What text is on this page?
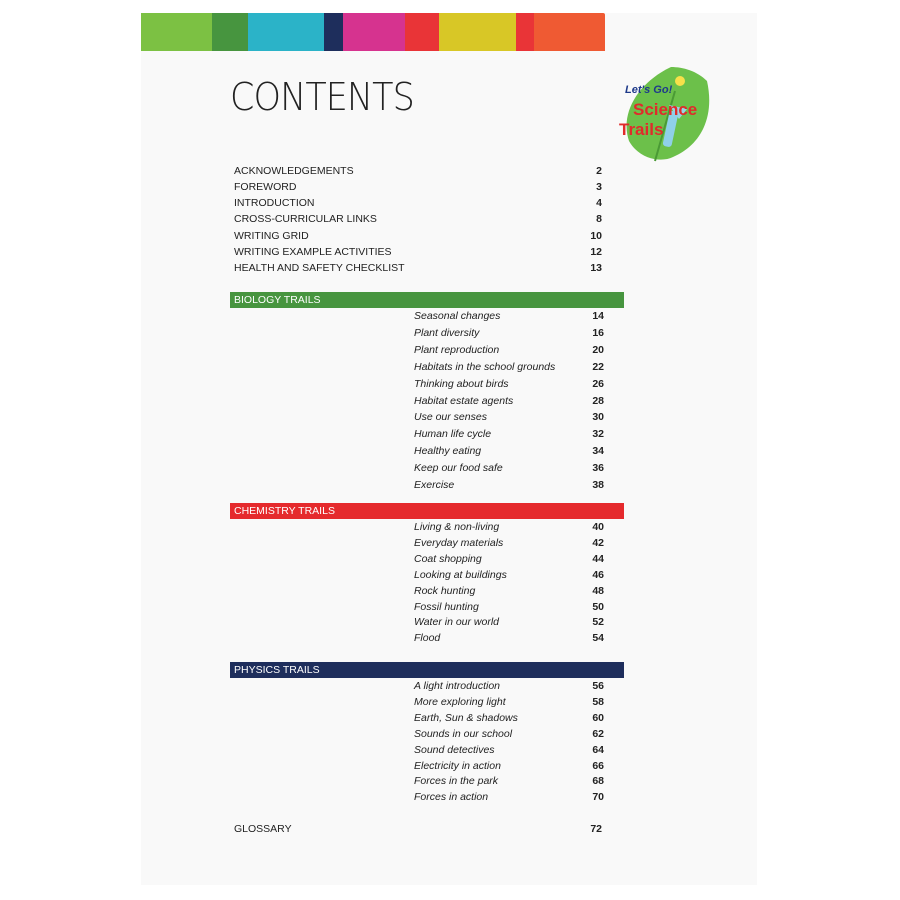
CONTENTS	Let's Go!
Science
Trails
ACKNOWLEDGEMENTS	2
FOREWORD	3
INTRODUCTION	4
CROSS-CURRICULAR LINKS	8
WRITING GRID	10
WRITING EXAMPLE ACTIVITIES	12
HEALTH AND SAFETY CHECKLIST	13
BIOLOGY TRAILS
Seasonal changes	14
Plant diversity	16
Plant reproduction	20
Habitats in the school grounds	22
Thinking about birds	26
Habitat estate agents	28
Use our senses	30
Human life cycle	32
Healthy eating	34
Keep our food safe	36
Exercise	38
CHEMISTRY TRAILS
Living & non-living	40
Everyday materials	42
Coat shopping	44
Looking at buildings	46
Rock hunting	48
Fossil hunting	50
Water in our world	52
Flood	54
PHYSICS TRAILS
A light introduction	56
More exploring light	58
Earth, Sun & shadows	60
Sounds in our school	62
Sound detectives	64
Electricity in action	66
Forces in the park	68
Forces in action	70
GLOSSARY	72
